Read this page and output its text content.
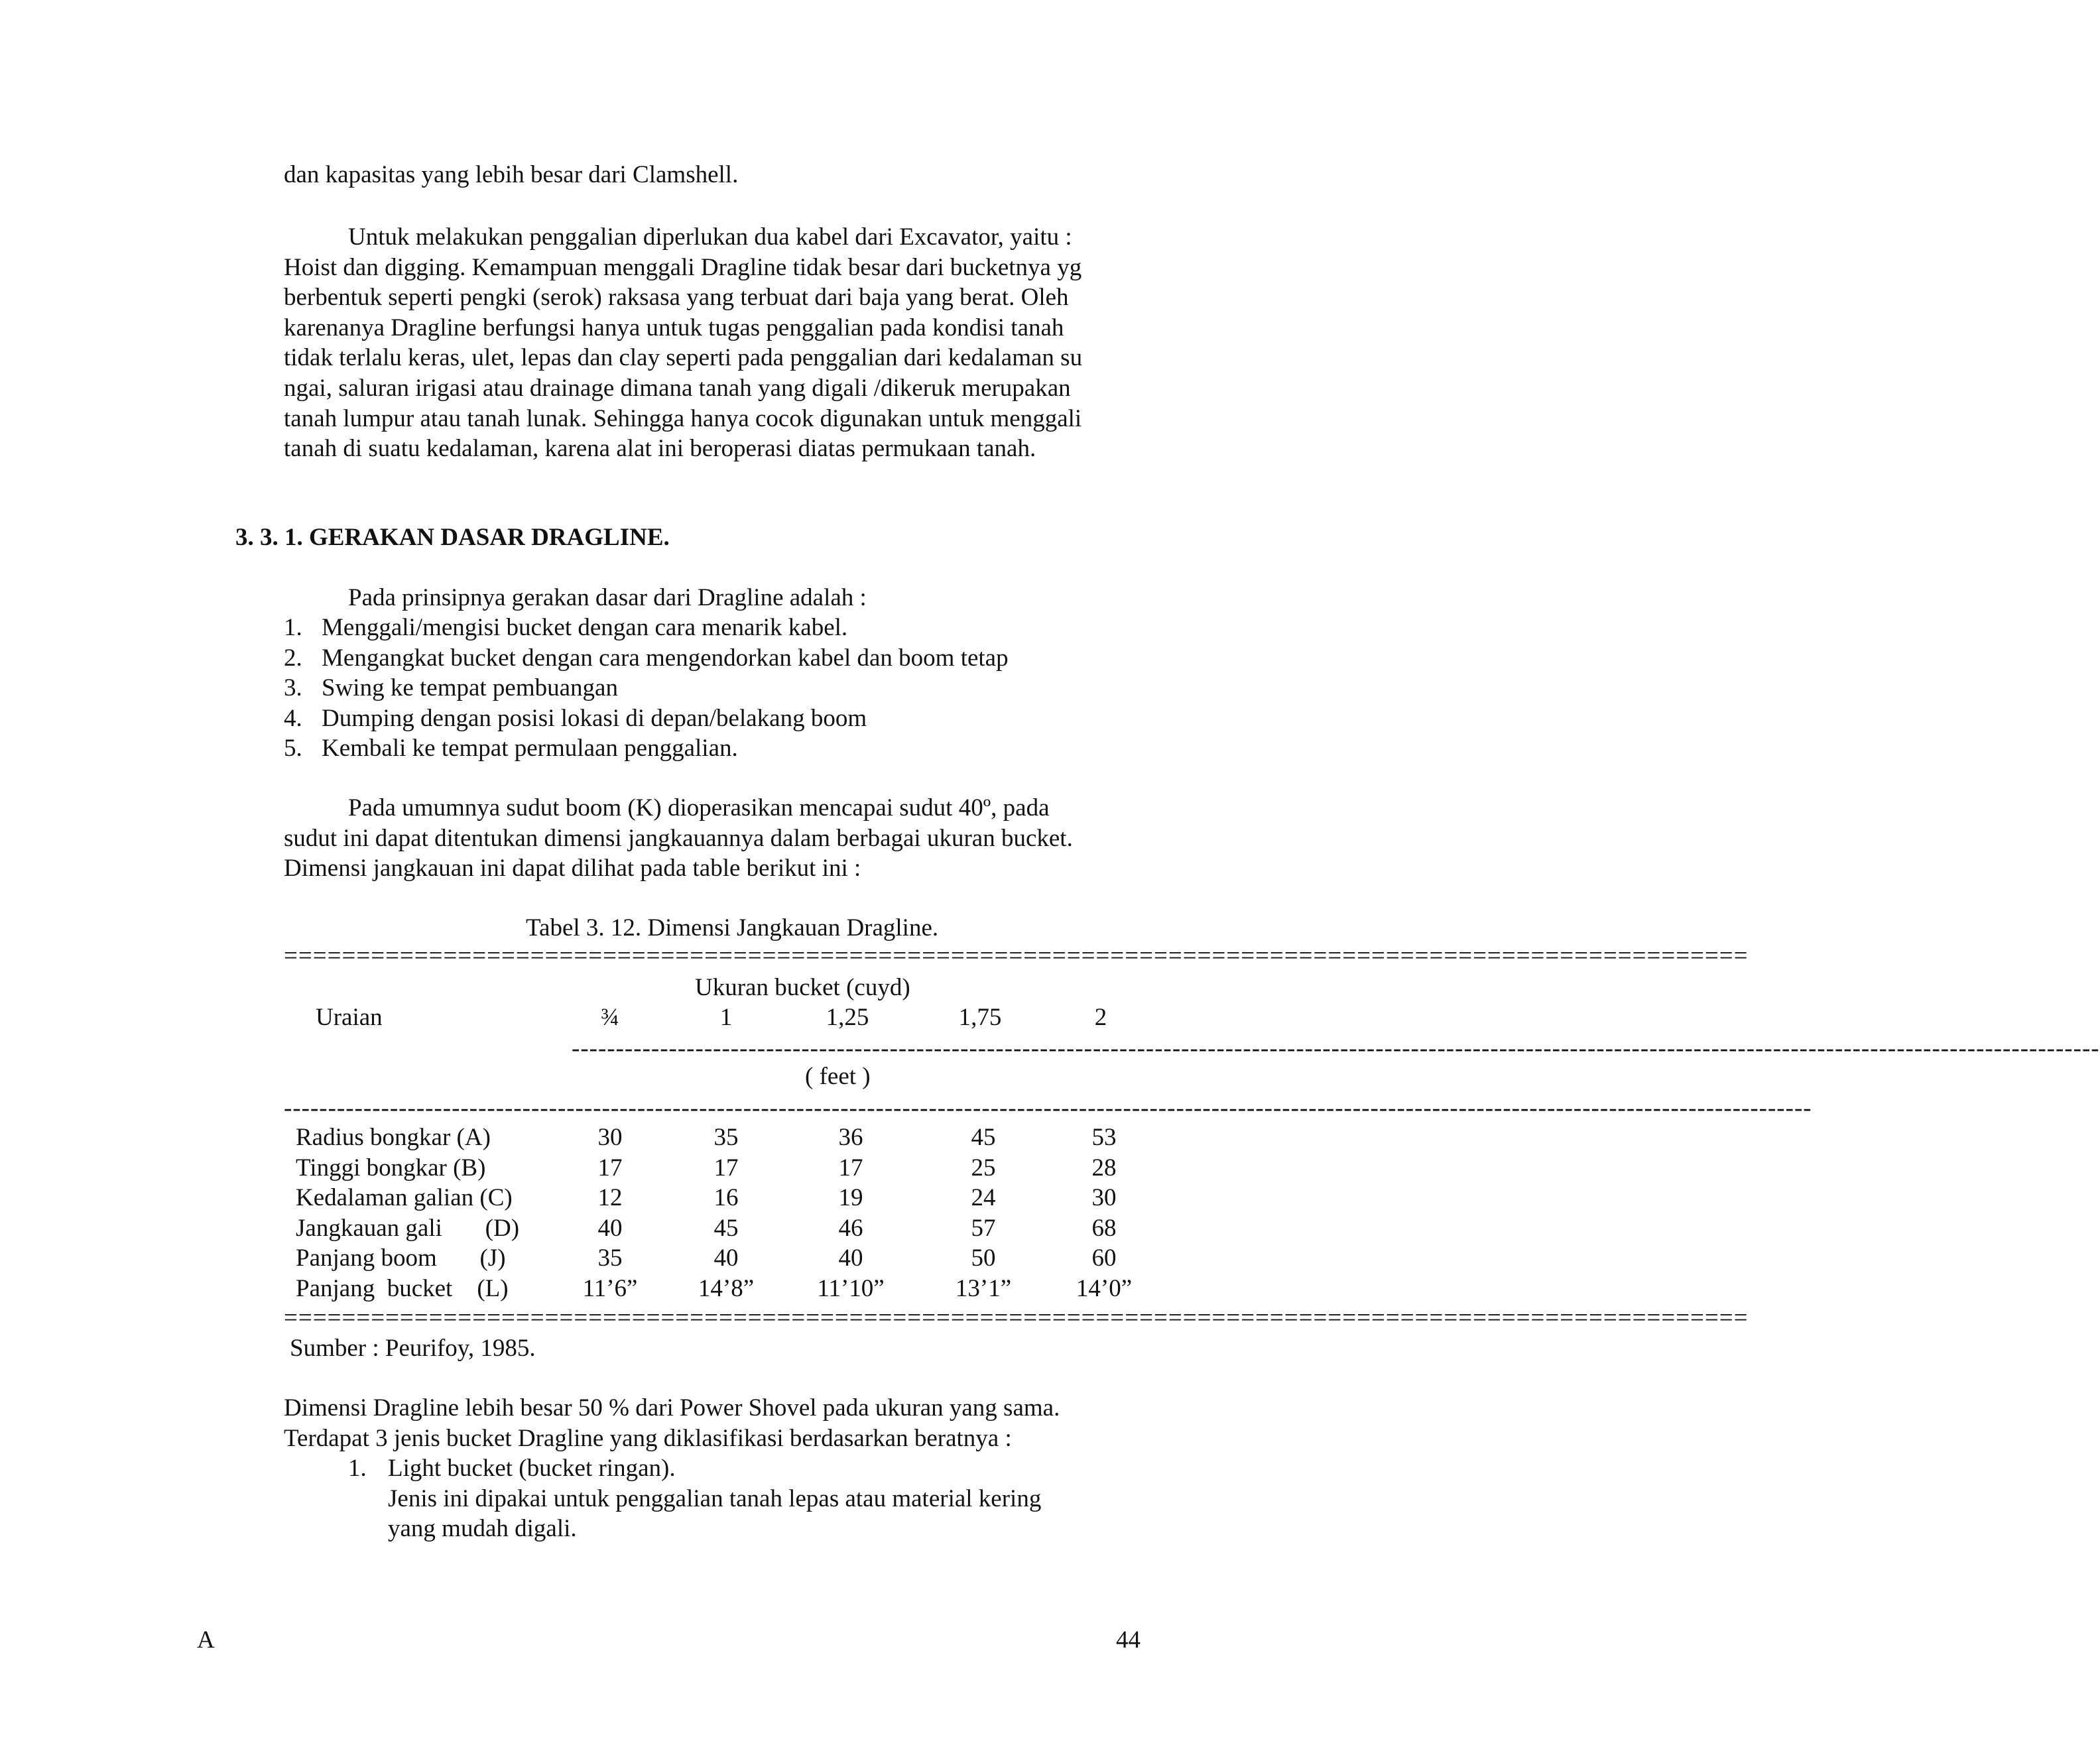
dan kapasitas yang lebih besar dari Clamshell.
Untuk melakukan penggalian diperlukan dua kabel dari Excavator, yaitu :
Hoist dan digging. Kemampuan menggali Dragline tidak besar dari bucketnya yg
berbentuk seperti pengki (serok) raksasa yang terbuat dari baja yang berat. Oleh
karenanya Dragline berfungsi hanya untuk tugas penggalian pada kondisi tanah
tidak terlalu keras, ulet, lepas dan clay seperti pada penggalian dari kedalaman su
ngai, saluran irigasi atau drainage dimana tanah yang digali /dikeruk merupakan
tanah lumpur atau tanah lunak. Sehingga hanya cocok digunakan untuk menggali
tanah di suatu kedalaman, karena alat ini beroperasi diatas permukaan tanah.
3. 3. 1. GERAKAN DASAR DRAGLINE.
Pada prinsipnya gerakan dasar dari Dragline adalah :
1. Menggali/mengisi bucket dengan cara menarik kabel.
2. Mengangkat bucket dengan cara mengendorkan kabel dan boom tetap
3. Swing ke tempat pembuangan
4. Dumping dengan posisi lokasi di depan/belakang boom
5. Kembali ke tempat permulaan penggalian.
Pada umumnya sudut boom (K) dioperasikan mencapai sudut 40º, pada
sudut ini dapat ditentukan dimensi jangkauannya dalam berbagai ukuran bucket.
Dimensi jangkauan ini dapat dilihat pada table berikut ini :
Tabel 3. 12. Dimensi Jangkauan Dragline.
=====================================================================================================
Ukuran bucket (cuyd)
Uraian	¾	1	1,25	1,75	2
-----------------------------------------------------------------------------------------------------------------------------------------------------------------------------
( feet )
-----------------------------------------------------------------------------------------------------------------------------------------------------------------------------
Radius bongkar (A)	30	35	36	45	53
Tinggi bongkar (B)	17	17	17	25	28
Kedalaman galian (C)	12	16	19	24	30
Jangkauan gali       (D)	40	45	46	57	68
Panjang boom       (J)	35	40	40	50	60
Panjang  bucket    (L)	11’6”	14’8”	11’10”	13’1”	14’0”
=====================================================================================================
Sumber : Peurifoy, 1985.
Dimensi Dragline lebih besar 50 % dari Power Shovel pada ukuran yang sama.
Terdapat 3 jenis bucket Dragline yang diklasifikasi berdasarkan beratnya :
1. Light bucket (bucket ringan).
Jenis ini dipakai untuk penggalian tanah lepas atau material kering
yang mudah digali.
A	44
